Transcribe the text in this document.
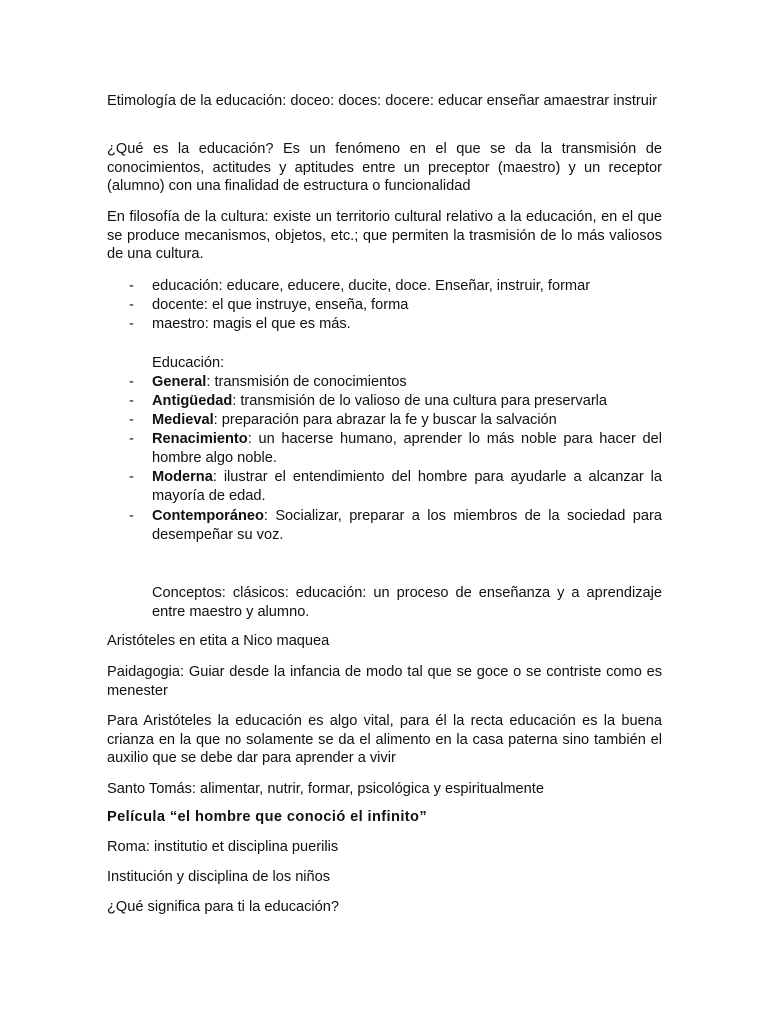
Etimología de la educación: doceo: doces: docere: educar enseñar amaestrar instruir
¿Qué es la educación? Es un fenómeno en el que se da la transmisión de conocimientos, actitudes y aptitudes entre un preceptor (maestro) y un receptor (alumno) con una finalidad de estructura o funcionalidad
En filosofía de la cultura: existe un territorio cultural relativo a la educación, en el que se produce mecanismos, objetos, etc.; que permiten la trasmisión de lo más valiosos de una cultura.
- educación: educare, educere, ducite, doce. Enseñar, instruir, formar
- docente: el que instruye, enseña, forma
- maestro: magis el que es más.
Educación:
- General: transmisión de conocimientos
- Antigüedad: transmisión de lo valioso de una cultura para preservarla
- Medieval: preparación para abrazar la fe y buscar la salvación
- Renacimiento: un hacerse humano, aprender lo más noble para hacer del hombre algo noble.
- Moderna: ilustrar el entendimiento del hombre para ayudarle a alcanzar la mayoría de edad.
- Contemporáneo: Socializar, preparar a los miembros de la sociedad para desempeñar su voz.
Conceptos: clásicos: educación: un proceso de enseñanza y a aprendizaje entre maestro y alumno.
Aristóteles en etita a Nico maquea
Paidagogia: Guiar desde la infancia de modo tal que se goce o se contriste como es menester
Para Aristóteles la educación es algo vital, para él la recta educación es la buena crianza en la que no solamente se da el alimento en la casa paterna sino también el auxilio que se debe dar para aprender a vivir
Santo Tomás: alimentar, nutrir, formar, psicológica y espiritualmente
Película “el hombre que conoció el infinito”
Roma: institutio et disciplina puerilis
Institución y disciplina de los niños
¿Qué significa para ti la educación?
